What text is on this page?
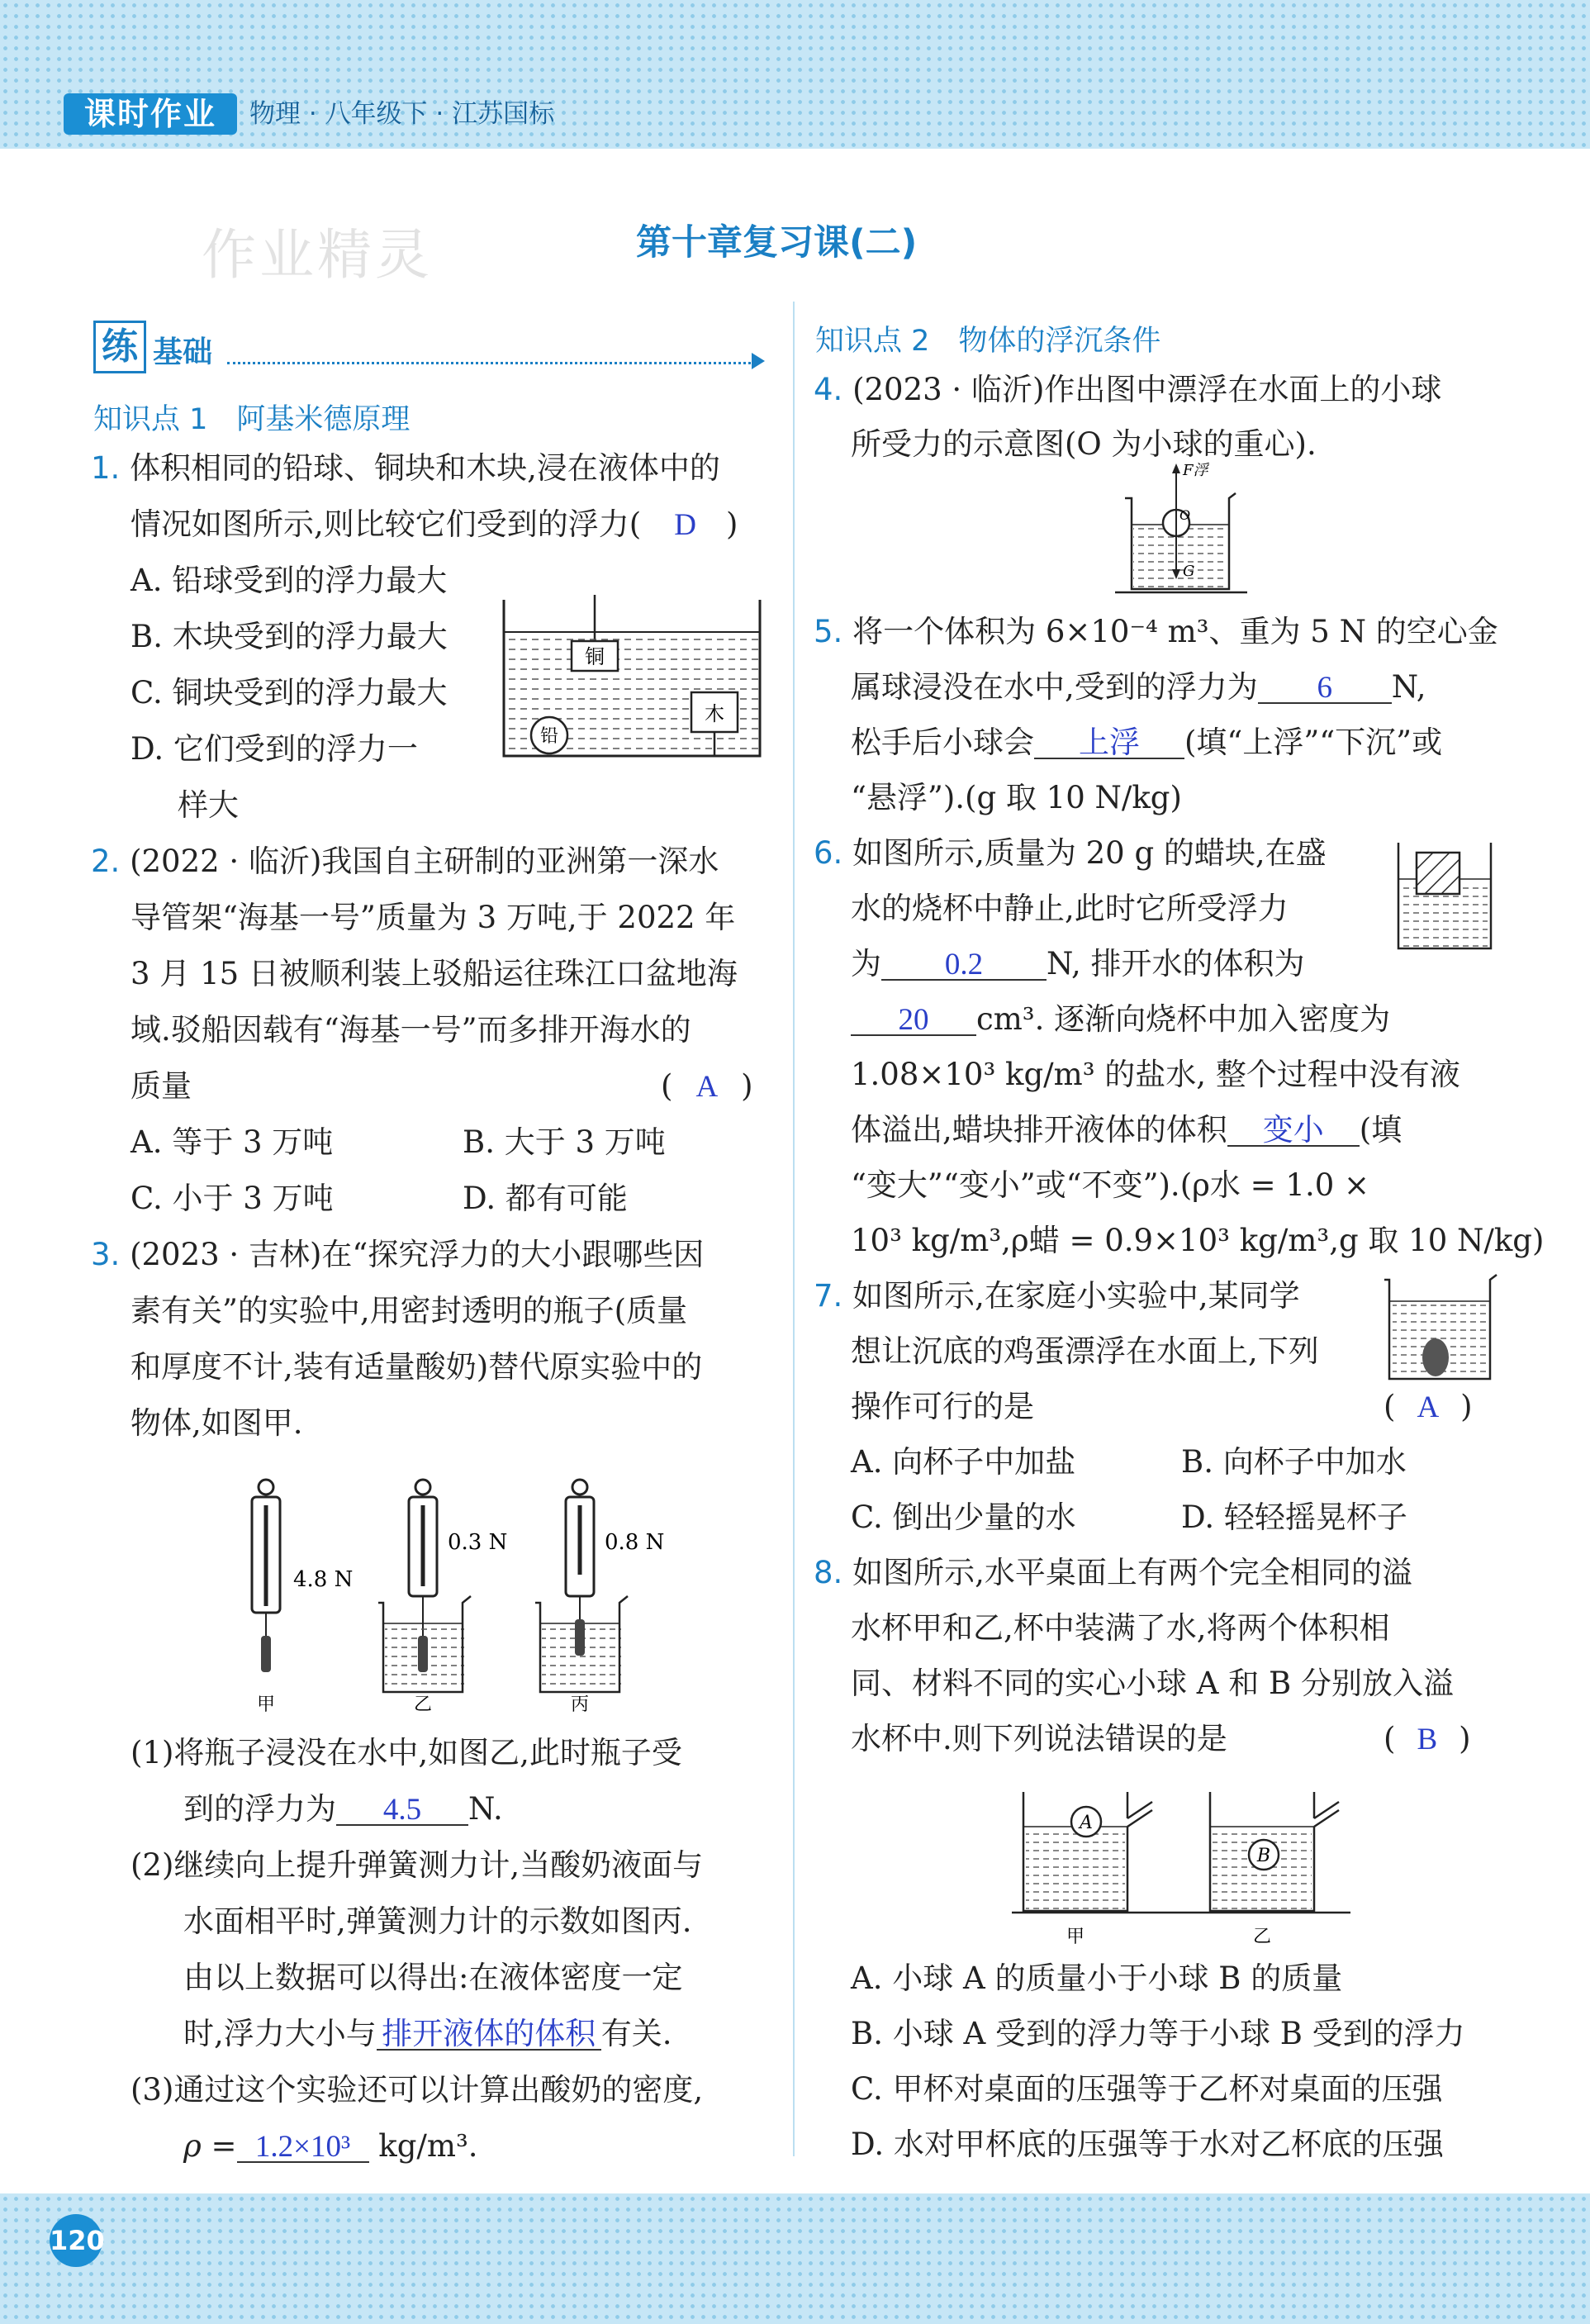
课时作业	物理 · 八年级下 · 江苏国标
作业精灵	第十章复习课(二)
练 基础
知识点 1　阿基米德原理
1. 体积相同的铅球、铜块和木块,浸在液体中的
情况如图所示,则比较它们受到的浮力( D )
A. 铅球受到的浮力最大
B. 木块受到的浮力最大
C. 铜块受到的浮力最大
D. 它们受到的浮力一
样大
铜
铅
木
2. (2022 · 临沂)我国自主研制的亚洲第一深水
导管架“海基一号”质量为 3 万吨,于 2022 年
3 月 15 日被顺利装上驳船运往珠江口盆地海
域.驳船因载有“海基一号”而多排开海水的
质量	( A )
A. 等于 3 万吨	B. 大于 3 万吨
C. 小于 3 万吨	D. 都有可能
3. (2023 · 吉林)在“探究浮力的大小跟哪些因
素有关”的实验中,用密封透明的瓶子(质量
和厚度不计,装有适量酸奶)替代原实验中的
物体,如图甲.
4.8 N
甲
0.3 N
乙
0.8 N
丙
(1)将瓶子浸没在水中,如图乙,此时瓶子受
到的浮力为 4.5 N.
(2)继续向上提升弹簧测力计,当酸奶液面与
水面相平时,弹簧测力计的示数如图丙.
由以上数据可以得出:在液体密度一定
时,浮力大小与 排开液体的体积 有关.
(3)通过这个实验还可以计算出酸奶的密度,
ρ = 1.2×10³ kg/m³.
知识点 2　物体的浮沉条件
4. (2023 · 临沂)作出图中漂浮在水面上的小球
所受力的示意图(O 为小球的重心).
F浮
O
G
5. 将一个体积为 6×10⁻⁴ m³、重为 5 N 的空心金
属球浸没在水中,受到的浮力为 6 N,
松手后小球会 上浮 (填“上浮”“下沉”或
“悬浮”).(g 取 10 N/kg)
6. 如图所示,质量为 20 g 的蜡块,在盛
水的烧杯中静止,此时它所受浮力
为 0.2 N, 排开水的体积为
20 cm³. 逐渐向烧杯中加入密度为
1.08×10³ kg/m³ 的盐水, 整个过程中没有液
体溢出,蜡块排开液体的体积 变小 (填
“变大”“变小”或“不变”).(ρ水 = 1.0 ×
10³ kg/m³,ρ蜡 = 0.9×10³ kg/m³,g 取 10 N/kg)
7. 如图所示,在家庭小实验中,某同学
想让沉底的鸡蛋漂浮在水面上,下列
操作可行的是	( A )
A. 向杯子中加盐	B. 向杯子中加水
C. 倒出少量的水	D. 轻轻摇晃杯子
8. 如图所示,水平桌面上有两个完全相同的溢
水杯甲和乙,杯中装满了水,将两个体积相
同、材料不同的实心小球 A 和 B 分别放入溢
水杯中.则下列说法错误的是	( B )
A
甲
B
乙
A. 小球 A 的质量小于小球 B 的质量
B. 小球 A 受到的浮力等于小球 B 受到的浮力
C. 甲杯对桌面的压强等于乙杯对桌面的压强
D. 水对甲杯底的压强等于水对乙杯底的压强
120
